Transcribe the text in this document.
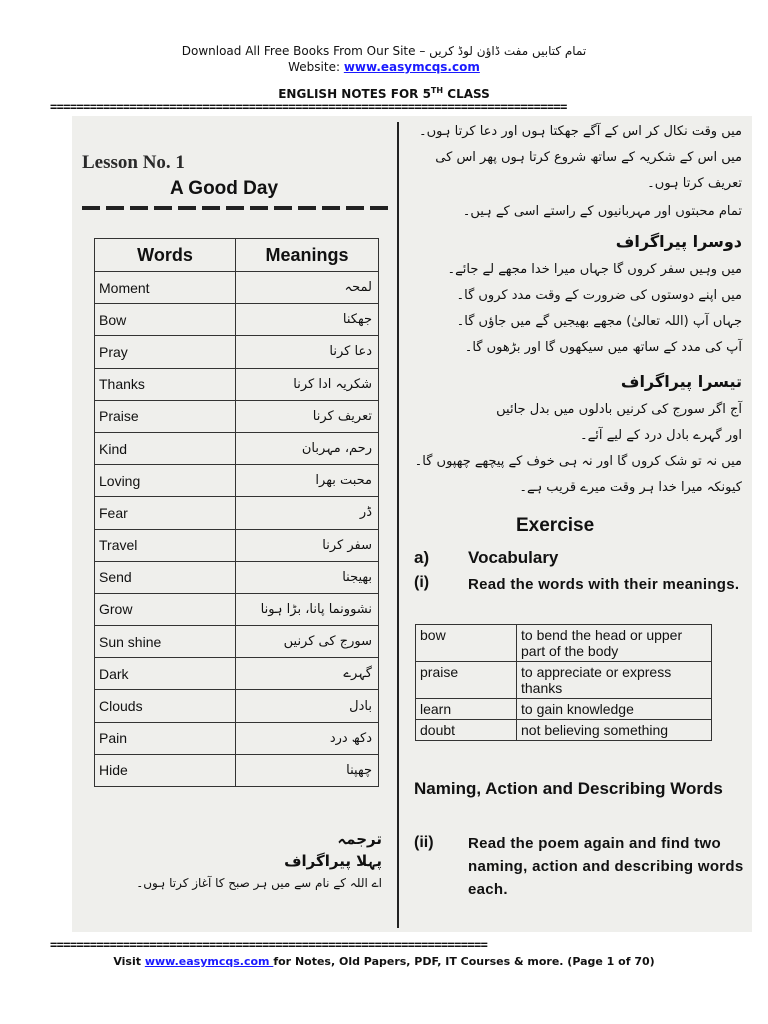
Download All Free Books From Our Site – تمام کتابیں مفت ڈاؤن لوڈ کریں
Website: www.easymcqs.com
ENGLISH NOTES FOR 5TH CLASS
==============================================================================
Lesson No. 1
A Good Day
Words	Meanings
Moment	لمحہ
Bow	جھکنا
Pray	دعا کرنا
Thanks	شکریہ ادا کرنا
Praise	تعریف کرنا
Kind	رحم، مہربان
Loving	محبت بھرا
Fear	ڈر
Travel	سفر کرنا
Send	بھیجنا
Grow	نشوونما پانا، بڑا ہونا
Sun shine	سورج کی کرنیں
Dark	گہرے
Clouds	بادل
Pain	دکھ درد
Hide	چھپنا
ترجمہ
پہلا پیراگراف
اے اللہ کے نام سے میں ہر صبح کا آغاز کرتا ہوں۔
میں وقت نکال کر اس کے آگے جھکتا ہوں اور دعا کرتا ہوں۔
میں اس کے شکریہ کے ساتھ شروع کرتا ہوں پھر اس کی
تعریف کرتا ہوں۔
تمام محبتوں اور مہربانیوں کے راستے اسی کے ہیں۔
دوسرا پیراگراف
میں وہیں سفر کروں گا جہاں میرا خدا مجھے لے جائے۔
میں اپنے دوستوں کی ضرورت کے وقت مدد کروں گا۔
جہاں آپ (اللہ تعالیٰ) مجھے بھیجیں گے میں جاؤں گا۔
آپ کی مدد کے ساتھ میں سیکھوں گا اور بڑھوں گا۔
تیسرا پیراگراف
آج اگر سورج کی کرنیں بادلوں میں بدل جائیں
اور گہرے بادل درد کے لیے آئے۔
میں نہ تو شک کروں گا اور نہ ہی خوف کے پیچھے چھپوں گا۔
کیونکہ میرا خدا ہر وقت میرے قریب ہے۔
Exercise
a) Vocabulary
(i)	Read the words with their meanings.
bow	to bend the head or upper part of the body
praise	to appreciate or express thanks
learn	to gain knowledge
doubt	not believing something
Naming, Action and Describing Words
(ii) Read the poem again and find two naming, action and describing words each.
==================================================================
Visit www.easymcqs.com for Notes, Old Papers, PDF, IT Courses & more. (Page 1 of 70)
